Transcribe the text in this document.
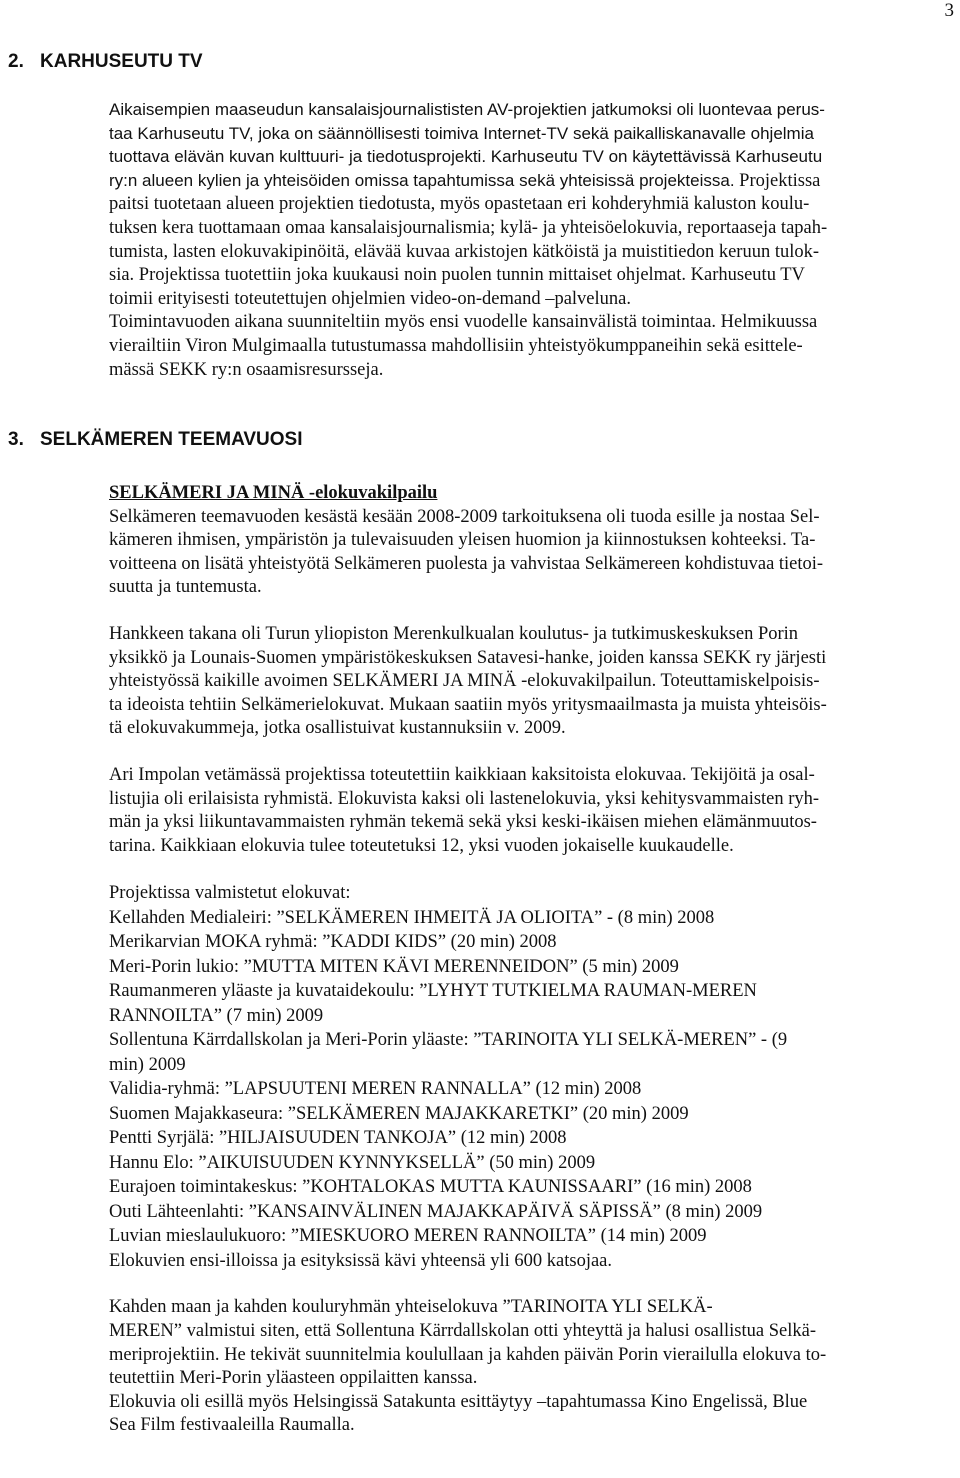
3
2. KARHUSEUTU TV
Aikaisempien maaseudun kansalaisjournalististen AV-projektien jatkumoksi oli luontevaa perus-
taa Karhuseutu TV, joka on säännöllisesti toimiva Internet-TV sekä paikalliskanavalle ohjelmia
tuottava elävän kuvan kulttuuri- ja tiedotusprojekti. Karhuseutu TV on käytettävissä Karhuseutu
ry:n alueen kylien ja yhteisöiden omissa tapahtumissa sekä yhteisissä projekteissa. Projektissa
paitsi tuotetaan alueen projektien tiedotusta, myös opastetaan eri kohderyhmiä kaluston koulu-
tuksen kera tuottamaan omaa kansalaisjournalismia; kylä- ja yhteisöelokuvia, reportaaseja tapah-
tumista, lasten elokuvakipinöitä, elävää kuvaa arkistojen kätköistä ja muistitiedon keruun tulok-
sia. Projektissa tuotettiin joka kuukausi noin puolen tunnin mittaiset ohjelmat. Karhuseutu TV
toimii erityisesti toteutettujen ohjelmien video-on-demand –palveluna.
Toimintavuoden aikana suunniteltiin myös ensi vuodelle kansainvälistä toimintaa. Helmikuussa
vierailtiin Viron Mulgimaalla tutustumassa mahdollisiin yhteistyökumppaneihin sekä esittele-
mässä SEKK ry:n osaamisresursseja.
3. SELKÄMEREN TEEMAVUOSI
SELKÄMERI JA MINÄ -elokuvakilpailu
Selkämeren teemavuoden kesästä kesään 2008-2009 tarkoituksena oli tuoda esille ja nostaa Sel-
kämeren ihmisen, ympäristön ja tulevaisuuden yleisen huomion ja kiinnostuksen kohteeksi. Ta-
voitteena on lisätä yhteistyötä Selkämeren puolesta ja vahvistaa Selkämereen kohdistuvaa tietoi-
suutta ja tuntemusta.
Hankkeen takana oli Turun yliopiston Merenkulkualan koulutus- ja tutkimuskeskuksen Porin
yksikkö ja Lounais-Suomen ympäristökeskuksen Satavesi-hanke, joiden kanssa SEKK ry järjesti
yhteistyössä kaikille avoimen SELKÄMERI JA MINÄ -elokuvakilpailun. Toteuttamiskelpoisis-
ta ideoista tehtiin Selkämerielokuvat. Mukaan saatiin myös yritysmaailmasta ja muista yhteisöis-
tä elokuvakummeja, jotka osallistuivat kustannuksiin v. 2009.
Ari Impolan vetämässä projektissa toteutettiin kaikkiaan kaksitoista elokuvaa. Tekijöitä ja osal-
listujia oli erilaisista ryhmistä. Elokuvista kaksi oli lastenelokuvia, yksi kehitysvammaisten ryh-
män ja yksi liikuntavammaisten ryhmän tekemä sekä yksi keski-ikäisen miehen elämänmuutos-
tarina. Kaikkiaan elokuvia tulee toteutetuksi 12, yksi vuoden jokaiselle kuukaudelle.
Projektissa valmistetut elokuvat:
Kellahden Medialeiri: ”SELKÄMEREN IHMEITÄ JA OLIOITA” - (8 min) 2008
Merikarvian MOKA ryhmä: ”KADDI KIDS” (20 min) 2008
Meri-Porin lukio: ”MUTTA MITEN KÄVI MERENNEIDON” (5 min) 2009
Raumanmeren yläaste ja kuvataidekoulu: ”LYHYT TUTKIELMA RAUMAN-MEREN
RANNOILTA” (7 min) 2009
Sollentuna Kärrdallskolan ja Meri-Porin yläaste: ”TARINOITA YLI SELKÄ-MEREN” - (9
min) 2009
Validia-ryhmä: ”LAPSUUTENI MEREN RANNALLA” (12 min) 2008
Suomen Majakkaseura: ”SELKÄMEREN MAJAKKARETKI” (20 min) 2009
Pentti Syrjälä: ”HILJAISUUDEN TANKOJA” (12 min) 2008
Hannu Elo: ”AIKUISUUDEN KYNNYKSELLÄ” (50 min) 2009
Eurajoen toimintakeskus: ”KOHTALOKAS MUTTA KAUNISSAARI” (16 min) 2008
Outi Lähteenlahti: ”KANSAINVÄLINEN MAJAKKAPÄIVÄ SÄPISSÄ” (8 min) 2009
Luvian mieslaulukuoro: ”MIESKUORO MEREN RANNOILTA” (14 min) 2009
Elokuvien ensi-illoissa ja esityksissä kävi yhteensä yli 600 katsojaa.
Kahden maan ja kahden kouluryhmän yhteiselokuva ”TARINOITA YLI SELKÄ-
MEREN” valmistui siten, että Sollentuna Kärrdallskolan otti yhteyttä ja halusi osallistua Selkä-
meriprojektiin. He tekivät suunnitelmia koulullaan ja kahden päivän Porin vierailulla elokuva to-
teutettiin Meri-Porin yläasteen oppilaitten kanssa.
Elokuvia oli esillä myös Helsingissä Satakunta esittäytyy –tapahtumassa Kino Engelissä, Blue
Sea Film festivaaleilla Raumalla.
